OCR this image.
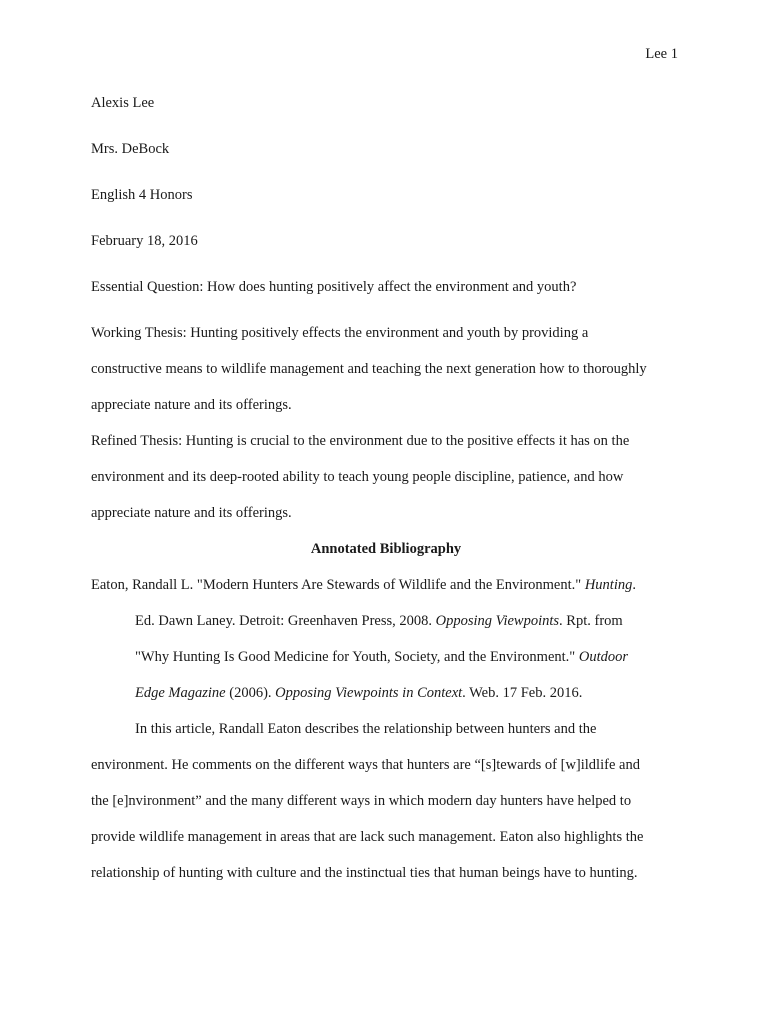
Lee 1
Alexis Lee
Mrs. DeBock
English 4 Honors
February 18, 2016
Essential Question: How does hunting positively affect the environment and youth?

Working Thesis: Hunting positively effects the environment and youth by providing a

constructive means to wildlife management and teaching the next generation how to thoroughly

appreciate nature and its offerings.

Refined Thesis: Hunting is crucial to the environment due to the positive effects it has on the

environment and its deep-rooted ability to teach young people discipline, patience, and how

appreciate nature and its offerings.

Annotated Bibliography
Eaton, Randall L. "Modern Hunters Are Stewards of Wildlife and the Environment." Hunting.
Ed. Dawn Laney. Detroit: Greenhaven Press, 2008. Opposing Viewpoints. Rpt. from
"Why Hunting Is Good Medicine for Youth, Society, and the Environment." Outdoor
Edge Magazine (2006). Opposing Viewpoints in Context. Web. 17 Feb. 2016.

In this article, Randall Eaton describes the relationship between hunters and the

environment. He comments on the different ways that hunters are “[s]tewards of [w]ildlife and

the [e]nvironment” and the many different ways in which modern day hunters have helped to

provide wildlife management in areas that are lack such management. Eaton also highlights the

relationship of hunting with culture and the instinctual ties that human beings have to hunting.
